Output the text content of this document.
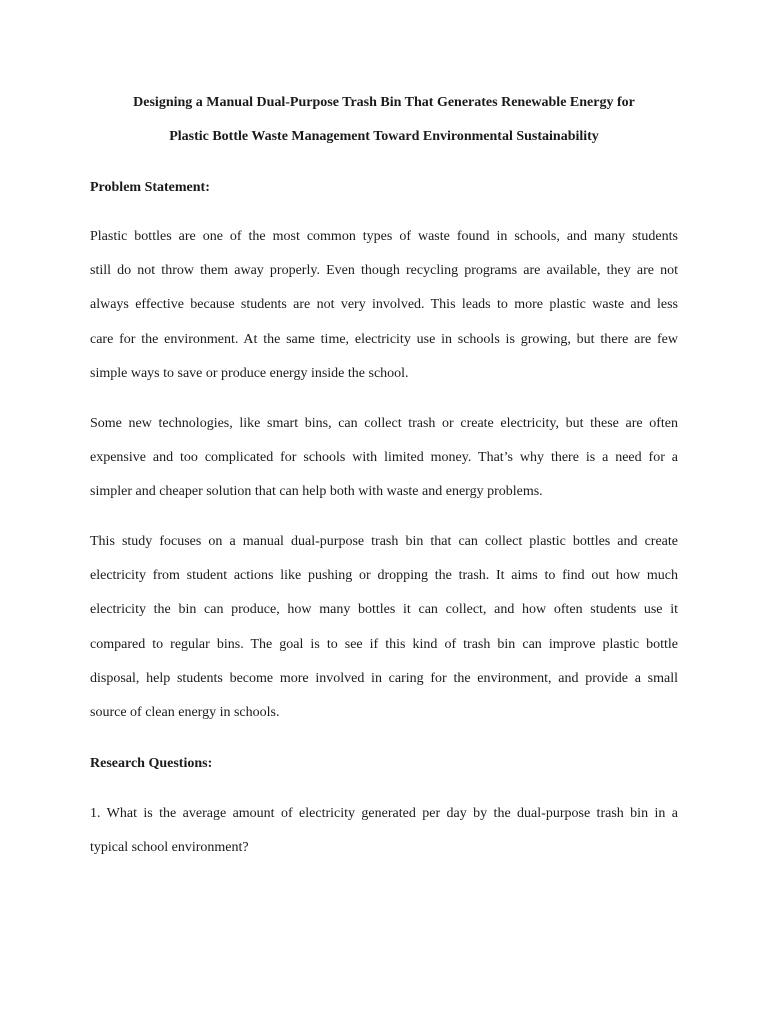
Designing a Manual Dual-Purpose Trash Bin That Generates Renewable Energy for
Plastic Bottle Waste Management Toward Environmental Sustainability
Problem Statement:
Plastic bottles are one of the most common types of waste found in schools, and many students
still do not throw them away properly. Even though recycling programs are available, they are not
always effective because students are not very involved. This leads to more plastic waste and less
care for the environment. At the same time, electricity use in schools is growing, but there are few
simple ways to save or produce energy inside the school.
Some new technologies, like smart bins, can collect trash or create electricity, but these are often
expensive and too complicated for schools with limited money. That’s why there is a need for a
simpler and cheaper solution that can help both with waste and energy problems.
This study focuses on a manual dual-purpose trash bin that can collect plastic bottles and create
electricity from student actions like pushing or dropping the trash. It aims to find out how much
electricity the bin can produce, how many bottles it can collect, and how often students use it
compared to regular bins. The goal is to see if this kind of trash bin can improve plastic bottle
disposal, help students become more involved in caring for the environment, and provide a small
source of clean energy in schools.
Research Questions:
1. What is the average amount of electricity generated per day by the dual-purpose trash bin in a
typical school environment?
